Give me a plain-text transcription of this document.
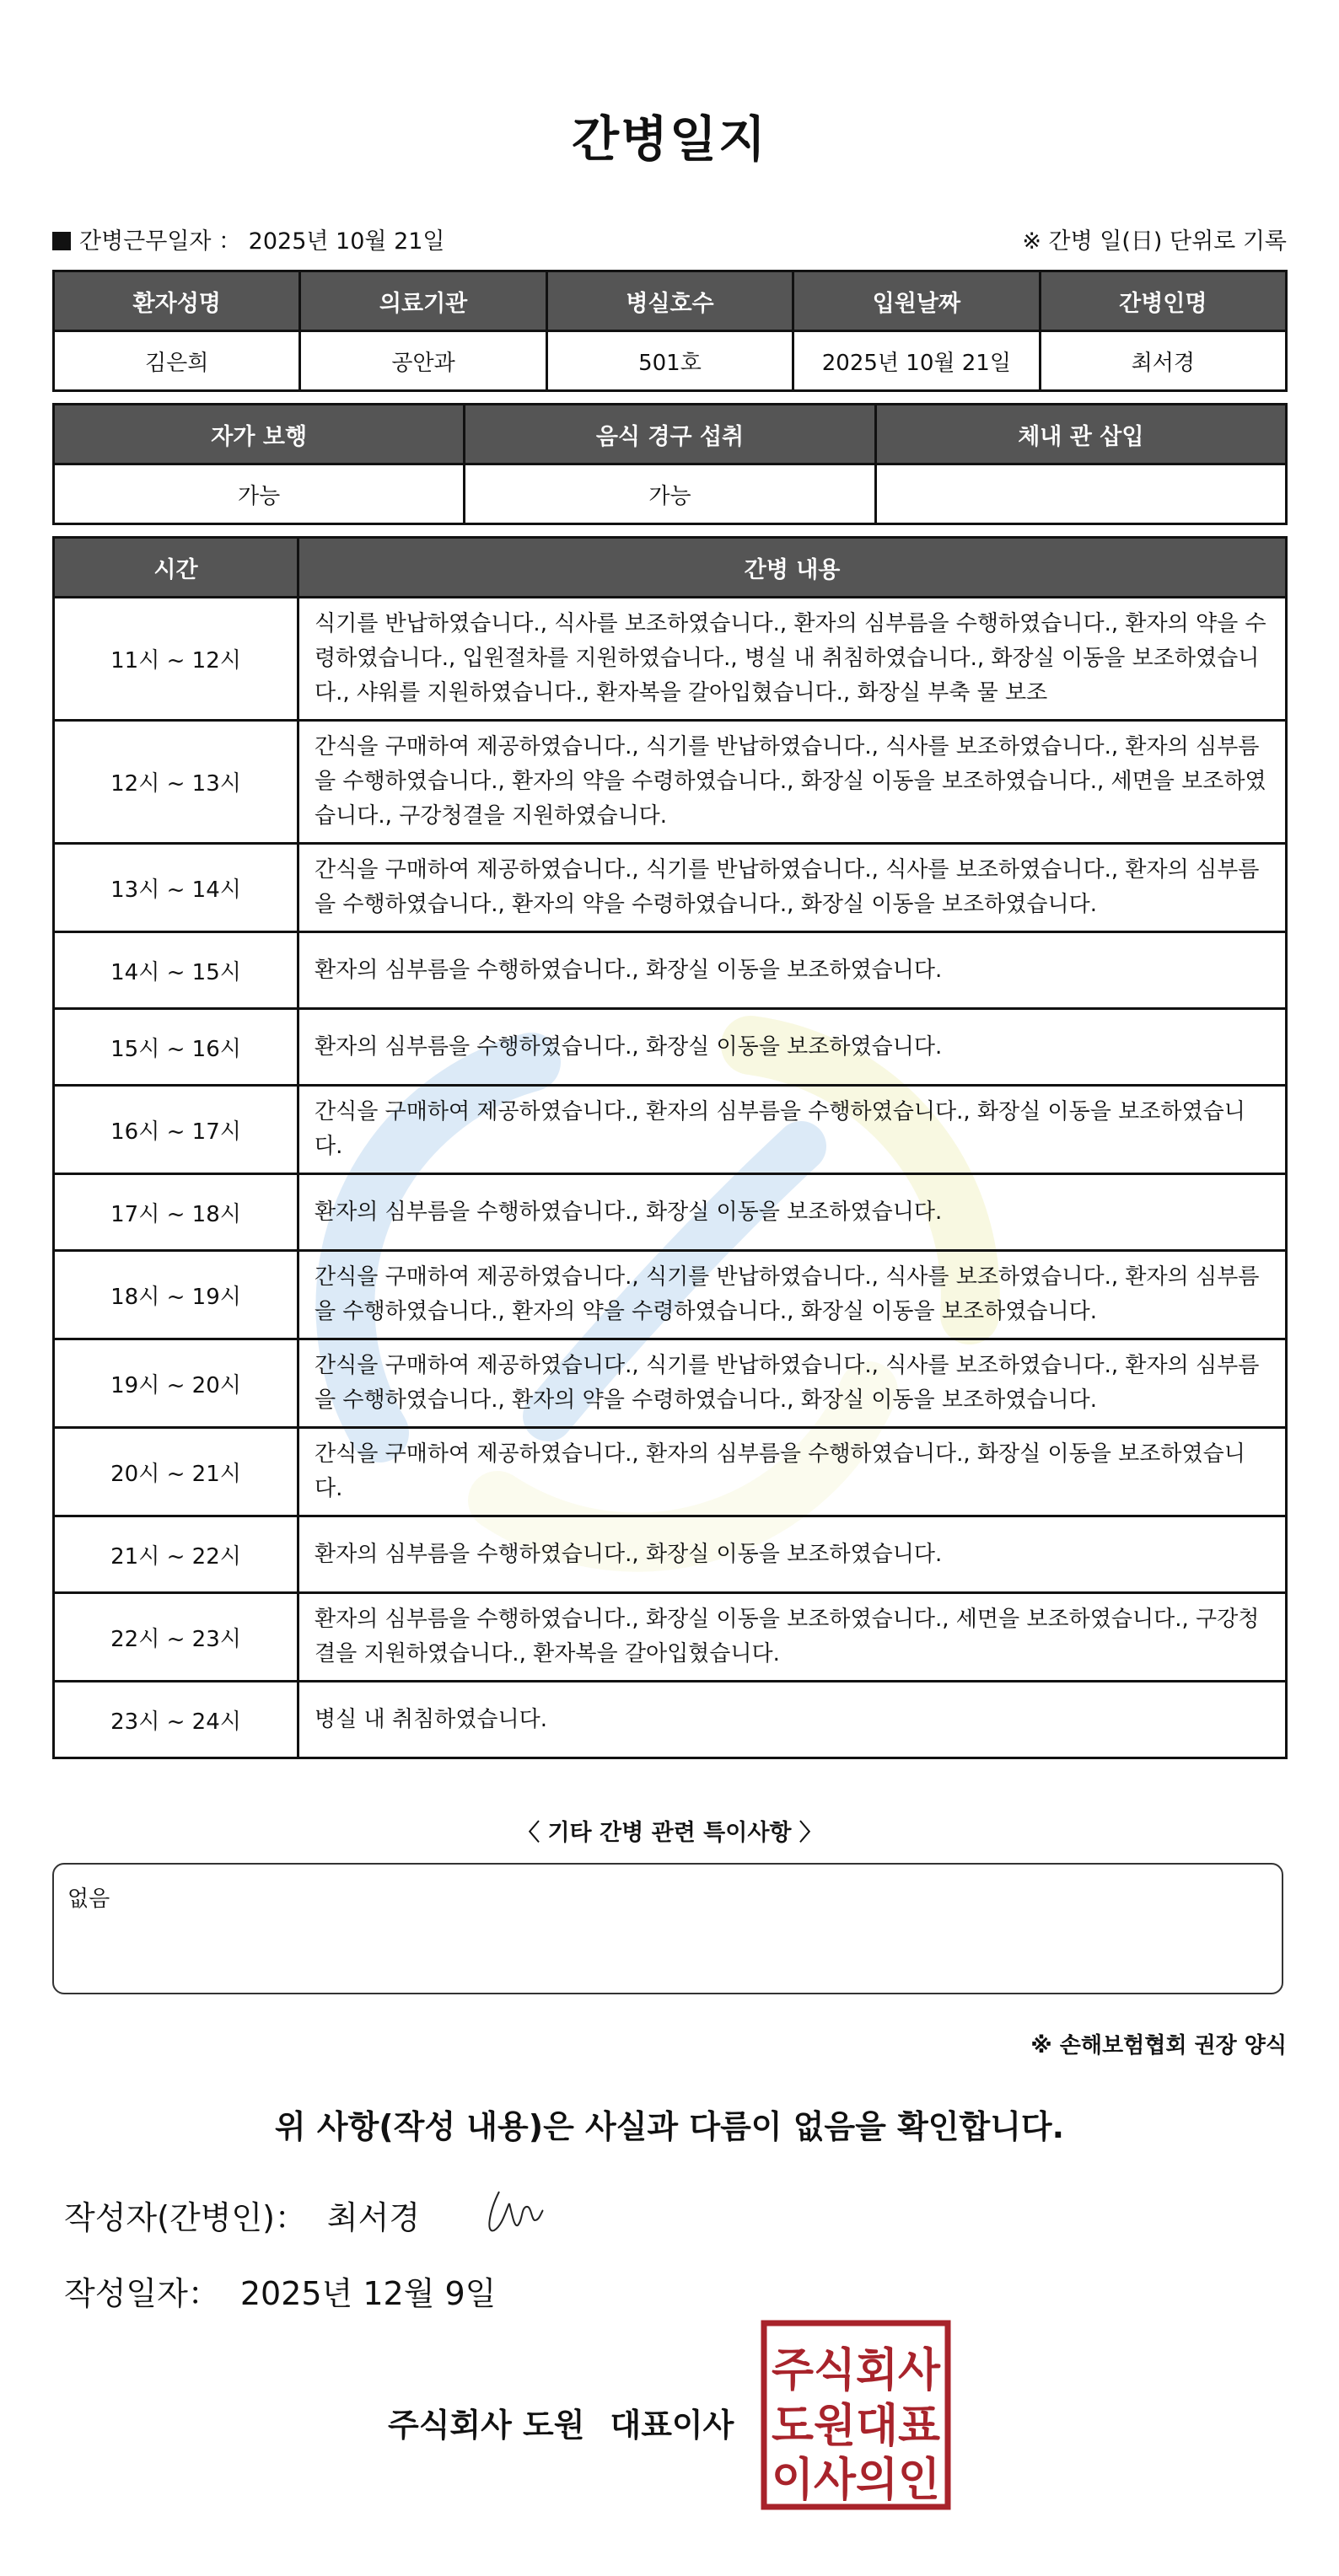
간병일지
간병근무일자 ： 2025년 10월 21일	※ 간병 일(日) 단위로 기록
환자성명	의료기관	병실호수	입원날짜	간병인명
김은희	공안과	501호	2025년 10월 21일	최서경
자가 보행	음식 경구 섭취	체내 관 삽입
가능	가능	
시간	간병 내용
11시 ~ 12시	식기를 반납하였습니다., 식사를 보조하였습니다., 환자의 심부름을 수행하였습니다., 환자의 약을 수령하였습니다., 입원절차를 지원하였습니다., 병실 내 취침하였습니다., 화장실 이동을 보조하였습니다., 샤워를 지원하였습니다., 환자복을 갈아입혔습니다., 화장실 부축 물 보조
12시 ~ 13시	간식을 구매하여 제공하였습니다., 식기를 반납하였습니다., 식사를 보조하였습니다., 환자의 심부름을 수행하였습니다., 환자의 약을 수령하였습니다., 화장실 이동을 보조하였습니다., 세면을 보조하였습니다., 구강청결을 지원하였습니다.
13시 ~ 14시	간식을 구매하여 제공하였습니다., 식기를 반납하였습니다., 식사를 보조하였습니다., 환자의 심부름을 수행하였습니다., 환자의 약을 수령하였습니다., 화장실 이동을 보조하였습니다.
14시 ~ 15시	환자의 심부름을 수행하였습니다., 화장실 이동을 보조하였습니다.
15시 ~ 16시	환자의 심부름을 수행하였습니다., 화장실 이동을 보조하였습니다.
16시 ~ 17시	간식을 구매하여 제공하였습니다., 환자의 심부름을 수행하였습니다., 화장실 이동을 보조하였습니다.
17시 ~ 18시	환자의 심부름을 수행하였습니다., 화장실 이동을 보조하였습니다.
18시 ~ 19시	간식을 구매하여 제공하였습니다., 식기를 반납하였습니다., 식사를 보조하였습니다., 환자의 심부름을 수행하였습니다., 환자의 약을 수령하였습니다., 화장실 이동을 보조하였습니다.
19시 ~ 20시	간식을 구매하여 제공하였습니다., 식기를 반납하였습니다., 식사를 보조하였습니다., 환자의 심부름을 수행하였습니다., 환자의 약을 수령하였습니다., 화장실 이동을 보조하였습니다.
20시 ~ 21시	간식을 구매하여 제공하였습니다., 환자의 심부름을 수행하였습니다., 화장실 이동을 보조하였습니다.
21시 ~ 22시	환자의 심부름을 수행하였습니다., 화장실 이동을 보조하였습니다.
22시 ~ 23시	환자의 심부름을 수행하였습니다., 화장실 이동을 보조하였습니다., 세면을 보조하였습니다., 구강청결을 지원하였습니다., 환자복을 갈아입혔습니다.
23시 ~ 24시	병실 내 취침하였습니다.
〈 기타 간병 관련 특이사항 〉
없음
※ 손해보험협회 권장 양식
위 사항(작성 내용)은 사실과 다름이 없음을 확인합니다.
작성자(간병인)： 최서경
작성일자： 2025년 12월 9일
주식회사 도원 대표이사
주식회사
도원대표
이사의인
